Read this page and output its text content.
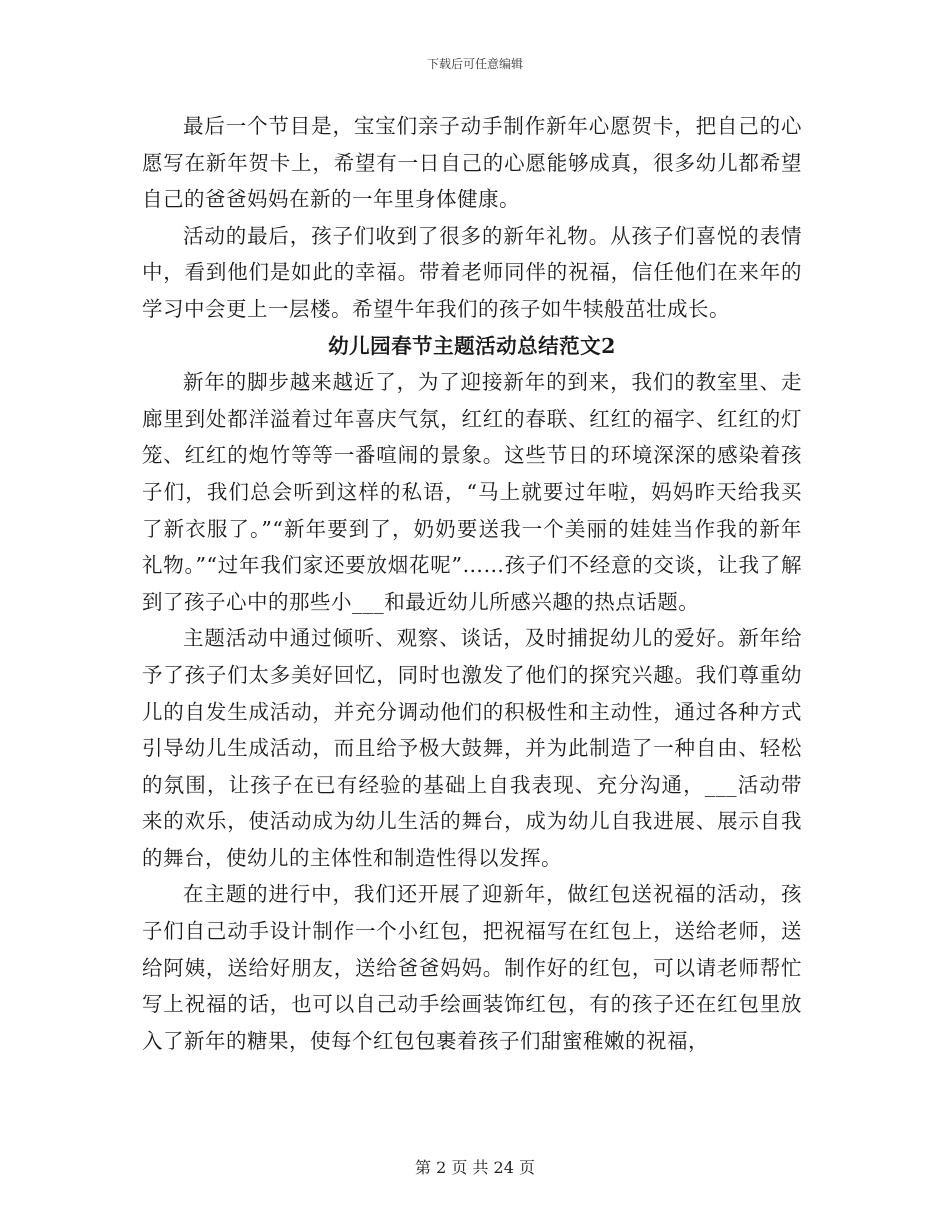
下载后可任意编辑

最后一个节目是，宝宝们亲子动手制作新年心愿贺卡，把自己的心愿写在新年贺卡上，希望有一日自己的心愿能够成真，很多幼儿都希望自己的爸爸妈妈在新的一年里身体健康。

活动的最后，孩子们收到了很多的新年礼物。从孩子们喜悦的表情中，看到他们是如此的幸福。带着老师同伴的祝福，信任他们在来年的学习中会更上一层楼。希望牛年我们的孩子如牛犊般茁壮成长。

幼儿园春节主题活动总结范文2

新年的脚步越来越近了，为了迎接新年的到来，我们的教室里、走廊里到处都洋溢着过年喜庆气氛，红红的春联、红红的福字、红红的灯笼、红红的炮竹等等一番喧闹的景象。这些节日的环境深深的感染着孩子们，我们总会听到这样的私语，“马上就要过年啦，妈妈昨天给我买了新衣服了。”“新年要到了，奶奶要送我一个美丽的娃娃当作我的新年礼物。”“过年我们家还要放烟花呢”……孩子们不经意的交谈，让我了解到了孩子心中的那些小___和最近幼儿所感兴趣的热点话题。

主题活动中通过倾听、观察、谈话，及时捕捉幼儿的爱好。新年给予了孩子们太多美好回忆，同时也激发了他们的探究兴趣。我们尊重幼儿的自发生成活动，并充分调动他们的积极性和主动性，通过各种方式引导幼儿生成活动，而且给予极大鼓舞，并为此制造了一种自由、轻松的氛围，让孩子在已有经验的基础上自我表现、充分沟通，___活动带来的欢乐，使活动成为幼儿生活的舞台，成为幼儿自我进展、展示自我的舞台，使幼儿的主体性和制造性得以发挥。

在主题的进行中，我们还开展了迎新年，做红包送祝福的活动，孩子们自己动手设计制作一个小红包，把祝福写在红包上，送给老师，送给阿姨，送给好朋友，送给爸爸妈妈。制作好的红包，可以请老师帮忙写上祝福的话，也可以自己动手绘画装饰红包，有的孩子还在红包里放入了新年的糖果，使每个红包包裹着孩子们甜蜜稚嫩的祝福，

第 2 页 共 24 页
